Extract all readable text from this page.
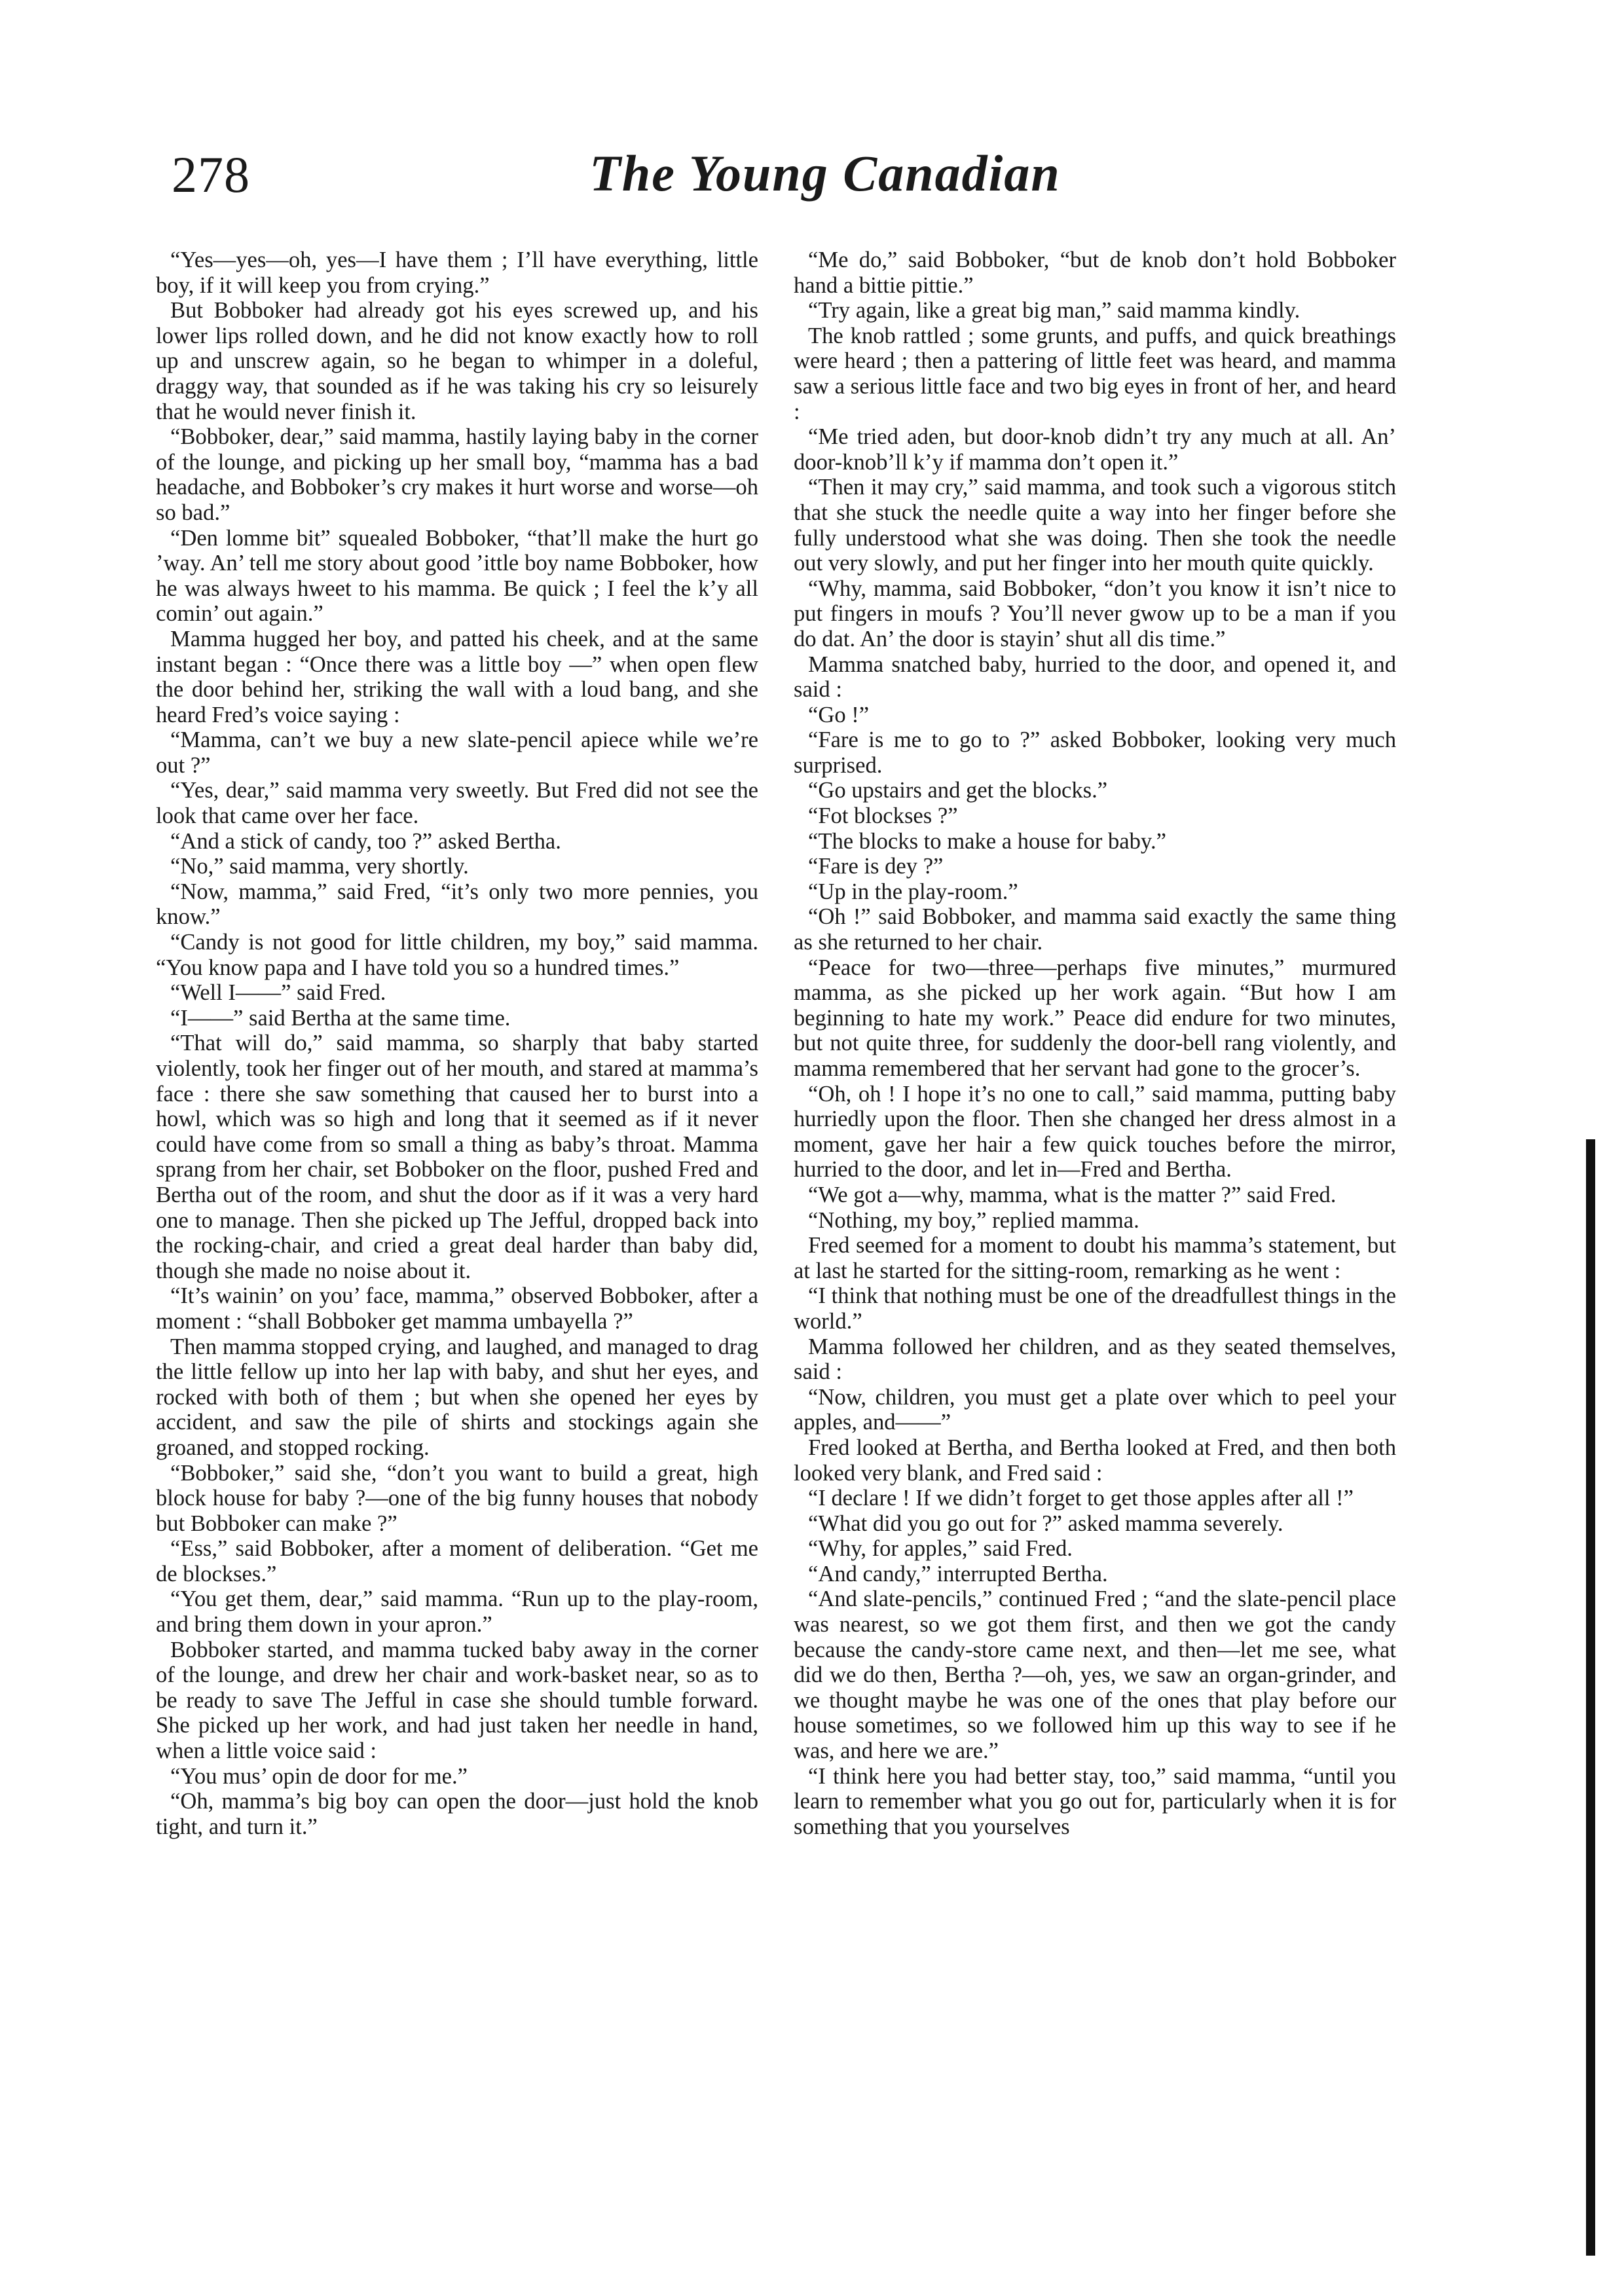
278	The Young Canadian

“Yes—yes—oh, yes—I have them ; I’ll have everything, little boy, if it will keep you from crying.”

But Bobboker had already got his eyes screwed up, and his lower lips rolled down, and he did not know exactly how to roll up and unscrew again, so he began to whimper in a doleful, draggy way, that sounded as if he was taking his cry so leisurely that he would never finish it.

“Bobboker, dear,” said mamma, hastily laying baby in the corner of the lounge, and picking up her small boy, “mamma has a bad headache, and Bobboker’s cry makes it hurt worse and worse—oh so bad.”

“Den lomme bit” squealed Bobboker, “that’ll make the hurt go ’way. An’ tell me story about good ’ittle boy name Bobboker, how he was always hweet to his mamma. Be quick ; I feel the k’y all comin’ out again.”

Mamma hugged her boy, and patted his cheek, and at the same instant began : “Once there was a little boy —” when open flew the door behind her, striking the wall with a loud bang, and she heard Fred’s voice saying :

“Mamma, can’t we buy a new slate-pencil apiece while we’re out ?”

“Yes, dear,” said mamma very sweetly. But Fred did not see the look that came over her face.

“And a stick of candy, too ?” asked Bertha.

“No,” said mamma, very shortly.

“Now, mamma,” said Fred, “it’s only two more pennies, you know.”

“Candy is not good for little children, my boy,” said mamma. “You know papa and I have told you so a hundred times.”

“Well I——” said Fred.

“I——” said Bertha at the same time.

“That will do,” said mamma, so sharply that baby started violently, took her finger out of her mouth, and stared at mamma’s face : there she saw something that caused her to burst into a howl, which was so high and long that it seemed as if it never could have come from so small a thing as baby’s throat. Mamma sprang from her chair, set Bobboker on the floor, pushed Fred and Bertha out of the room, and shut the door as if it was a very hard one to manage. Then she picked up The Jefful, dropped back into the rocking-chair, and cried a great deal harder than baby did, though she made no noise about it.

“It’s wainin’ on you’ face, mamma,” observed Bobboker, after a moment : “shall Bobboker get mamma umbayella ?”

Then mamma stopped crying, and laughed, and managed to drag the little fellow up into her lap with baby, and shut her eyes, and rocked with both of them ; but when she opened her eyes by accident, and saw the pile of shirts and stockings again she groaned, and stopped rocking.

“Bobboker,” said she, “don’t you want to build a great, high block house for baby ?—one of the big funny houses that nobody but Bobboker can make ?”

“Ess,” said Bobboker, after a moment of deliberation. “Get me de blockses.”

“You get them, dear,” said mamma. “Run up to the play-room, and bring them down in your apron.”

Bobboker started, and mamma tucked baby away in the corner of the lounge, and drew her chair and work-basket near, so as to be ready to save The Jefful in case she should tumble forward. She picked up her work, and had just taken her needle in hand, when a little voice said :

“You mus’ opin de door for me.”

“Oh, mamma’s big boy can open the door—just hold the knob tight, and turn it.”

“Me do,” said Bobboker, “but de knob don’t hold Bobboker hand a bittie pittie.”

“Try again, like a great big man,” said mamma kindly.

The knob rattled ; some grunts, and puffs, and quick breathings were heard ; then a pattering of little feet was heard, and mamma saw a serious little face and two big eyes in front of her, and heard :

“Me tried aden, but door-knob didn’t try any much at all. An’ door-knob’ll k’y if mamma don’t open it.”

“Then it may cry,” said mamma, and took such a vigorous stitch that she stuck the needle quite a way into her finger before she fully understood what she was doing. Then she took the needle out very slowly, and put her finger into her mouth quite quickly.

“Why, mamma, said Bobboker, “don’t you know it isn’t nice to put fingers in moufs ? You’ll never gwow up to be a man if you do dat. An’ the door is stayin’ shut all dis time.”

Mamma snatched baby, hurried to the door, and opened it, and said :

“Go !”

“Fare is me to go to ?” asked Bobboker, looking very much surprised.

“Go upstairs and get the blocks.”

“Fot blockses ?”

“The blocks to make a house for baby.”

“Fare is dey ?”

“Up in the play-room.”

“Oh !” said Bobboker, and mamma said exactly the same thing as she returned to her chair.

“Peace for two—three—perhaps five minutes,” murmured mamma, as she picked up her work again. “But how I am beginning to hate my work.” Peace did endure for two minutes, but not quite three, for suddenly the door-bell rang violently, and mamma remembered that her servant had gone to the grocer’s.

“Oh, oh ! I hope it’s no one to call,” said mamma, putting baby hurriedly upon the floor. Then she changed her dress almost in a moment, gave her hair a few quick touches before the mirror, hurried to the door, and let in—Fred and Bertha.

“We got a—why, mamma, what is the matter ?” said Fred.

“Nothing, my boy,” replied mamma.

Fred seemed for a moment to doubt his mamma’s statement, but at last he started for the sitting-room, remarking as he went :

“I think that nothing must be one of the dreadfullest things in the world.”

Mamma followed her children, and as they seated themselves, said :

“Now, children, you must get a plate over which to peel your apples, and——”

Fred looked at Bertha, and Bertha looked at Fred, and then both looked very blank, and Fred said :

“I declare ! If we didn’t forget to get those apples after all !”

“What did you go out for ?” asked mamma severely.

“Why, for apples,” said Fred.

“And candy,” interrupted Bertha.

“And slate-pencils,” continued Fred ; “and the slate-pencil place was nearest, so we got them first, and then we got the candy because the candy-store came next, and then—let me see, what did we do then, Bertha ?—oh, yes, we saw an organ-grinder, and we thought maybe he was one of the ones that play before our house sometimes, so we followed him up this way to see if he was, and here we are.”

“I think here you had better stay, too,” said mamma, “until you learn to remember what you go out for, particularly when it is for something that you yourselves
